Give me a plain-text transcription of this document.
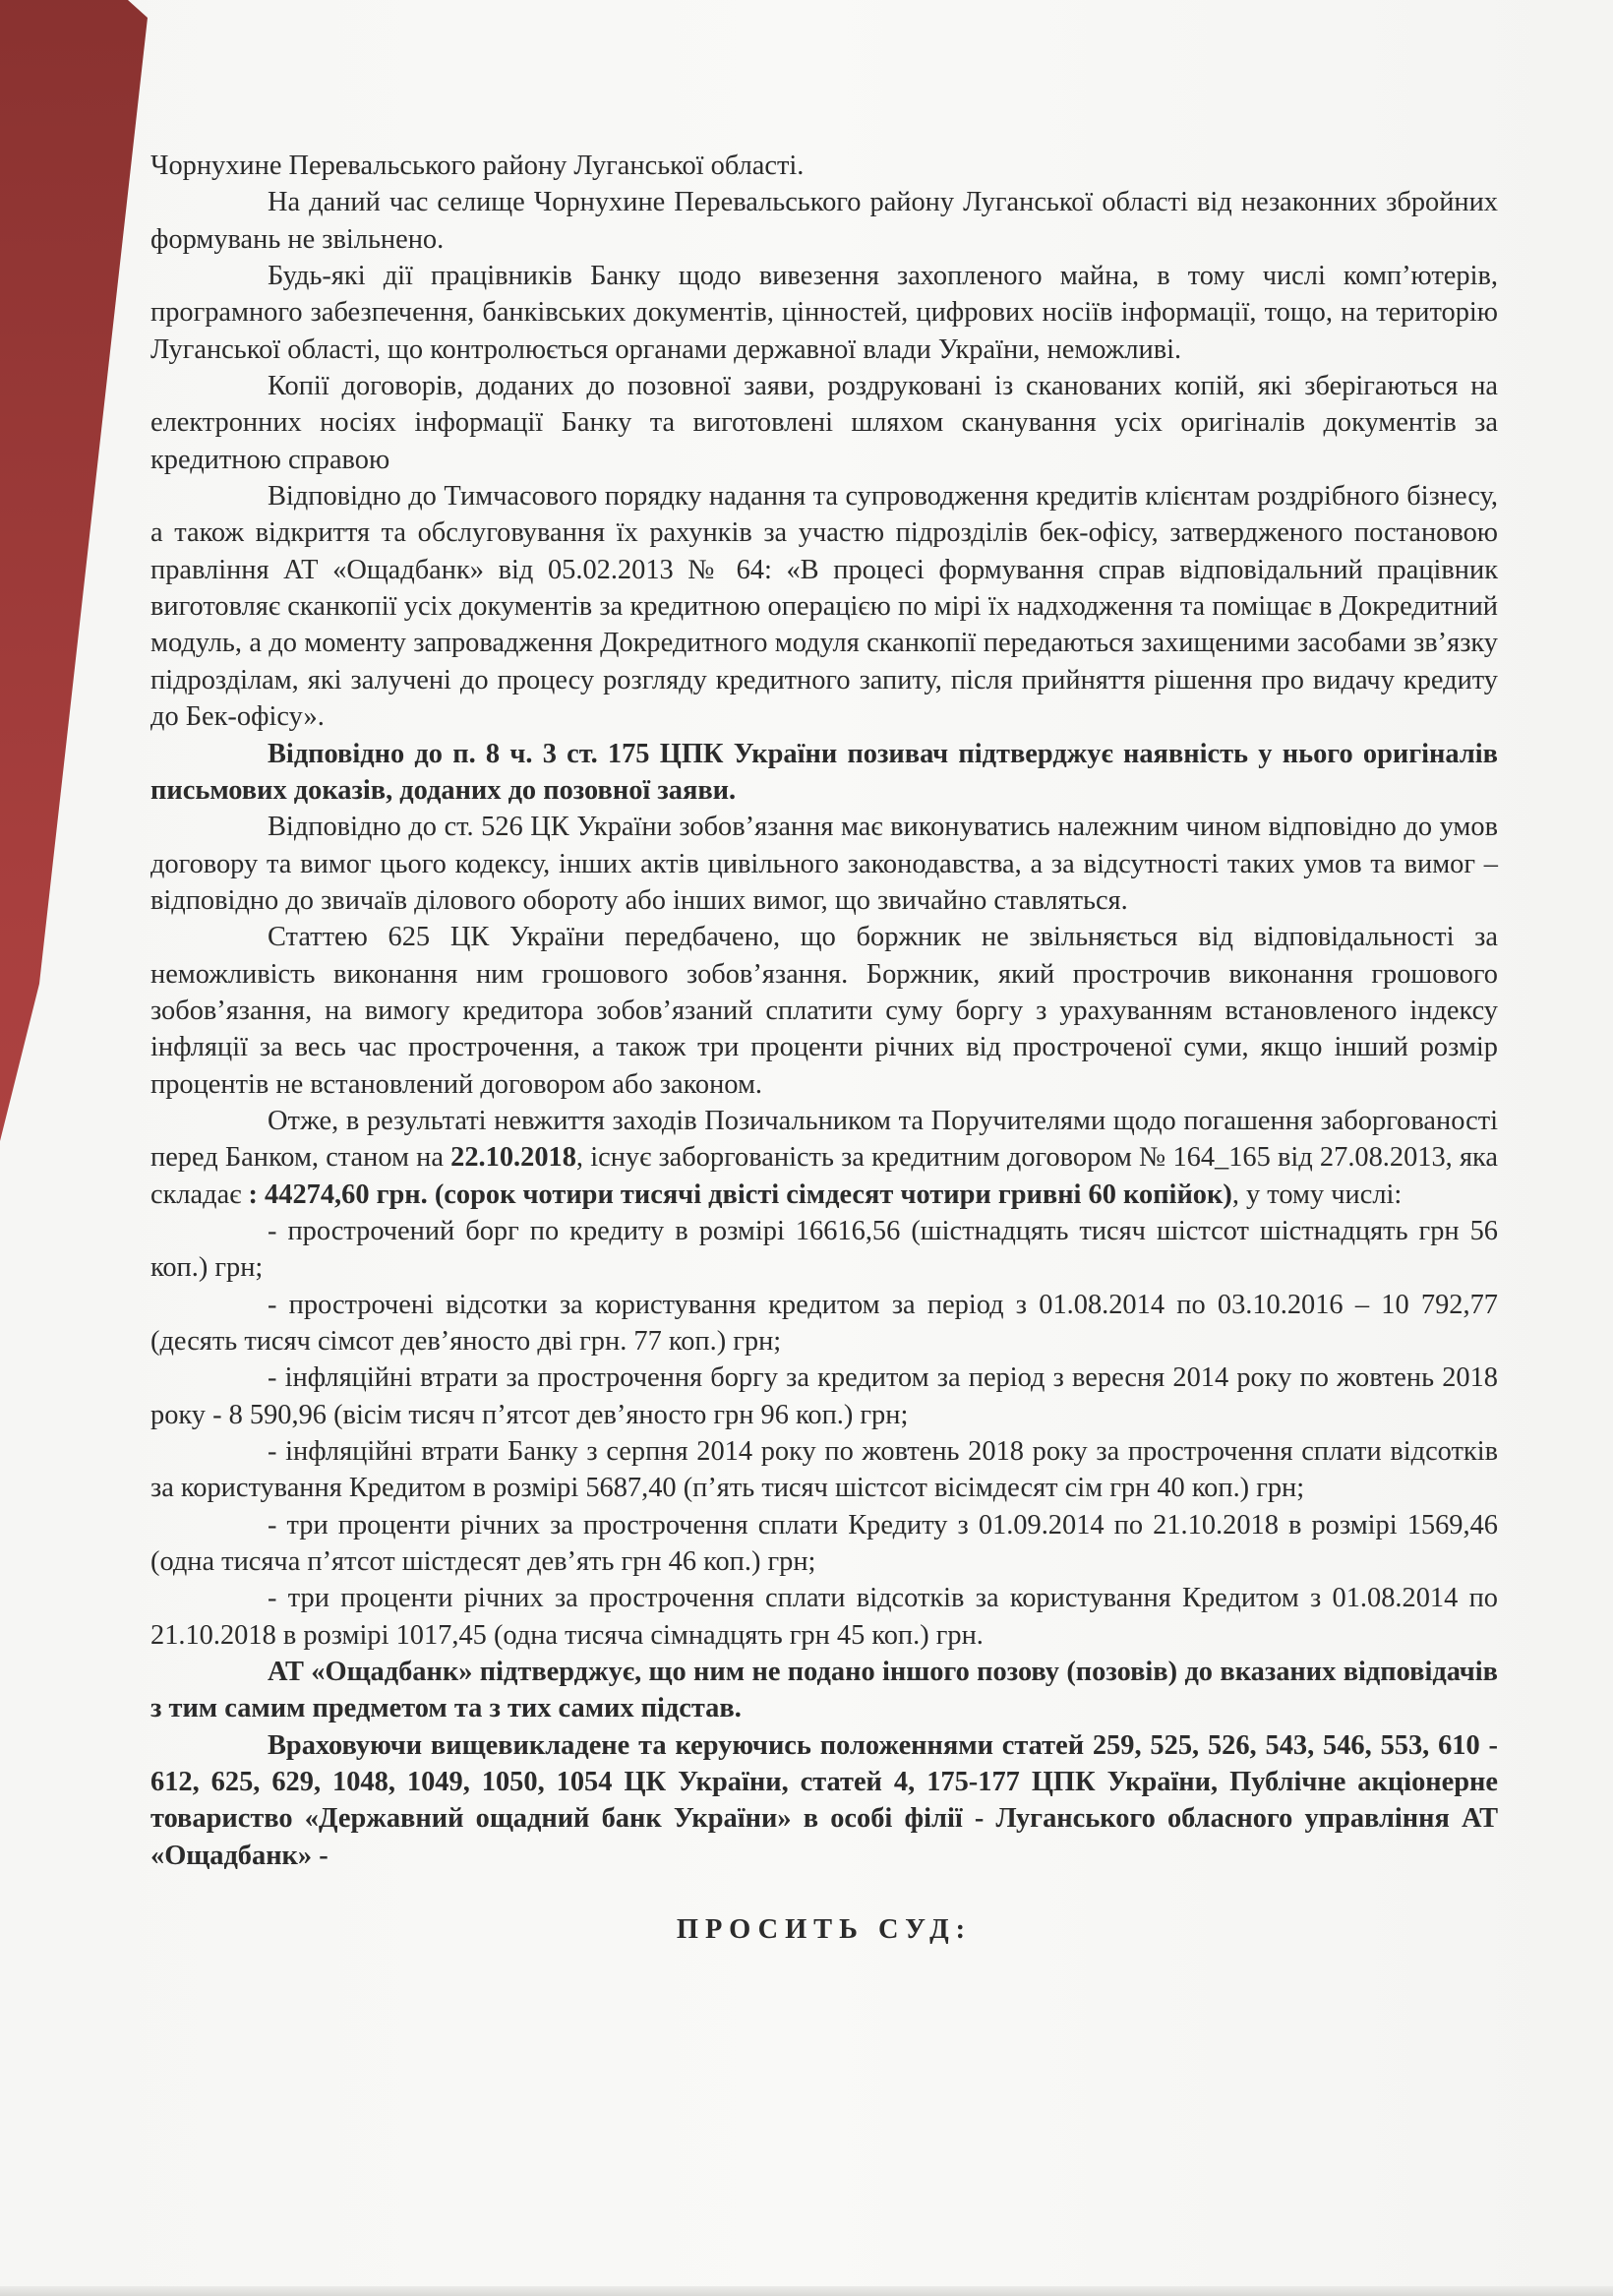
Чорнухине Перевальського району Луганської області.

На даний час селище Чорнухине Перевальського району Луганської області від незаконних збройних формувань не звільнено.

Будь-які дії працівників Банку щодо вивезення захопленого майна, в тому числі комп’ютерів, програмного забезпечення, банківських документів, цінностей, цифрових носіїв інформації, тощо, на територію Луганської області, що контролюється органами державної влади України, неможливі.

Копії договорів, доданих до позовної заяви, роздруковані із сканованих копій, які зберігаються на електронних носіях інформації Банку та виготовлені шляхом сканування усіх оригіналів документів за кредитною справою

Відповідно до Тимчасового порядку надання та супроводження кредитів клієнтам роздрібного бізнесу, а також відкриття та обслуговування їх рахунків за участю підрозділів бек-офісу, затвердженого постановою правління АТ «Ощадбанк» від 05.02.2013 № 64: «В процесі формування справ відповідальний працівник виготовляє сканкопії усіх документів за кредитною операцією по мірі їх надходження та поміщає в Докредитний модуль, а до моменту запровадження Докредитного модуля сканкопії передаються захищеними засобами зв’язку підрозділам, які залучені до процесу розгляду кредитного запиту, після прийняття рішення про видачу кредиту до Бек-офісу».

Відповідно до п. 8 ч. 3 ст. 175 ЦПК України позивач підтверджує наявність у нього оригіналів письмових доказів, доданих до позовної заяви.

Відповідно до ст. 526 ЦК України зобов’язання має виконуватись належним чином відповідно до умов договору та вимог цього кодексу, інших актів цивільного законодавства, а за відсутності таких умов та вимог – відповідно до звичаїв ділового обороту або інших вимог, що звичайно ставляться.

Статтею 625 ЦК України передбачено, що боржник не звільняється від відповідальності за неможливість виконання ним грошового зобов’язання. Боржник, який прострочив виконання грошового зобов’язання, на вимогу кредитора зобов’язаний сплатити суму боргу з урахуванням встановленого індексу інфляції за весь час прострочення, а також три проценти річних від простроченої суми, якщо інший розмір процентів не встановлений договором або законом.

Отже, в результаті невжиття заходів Позичальником та Поручителями щодо погашення заборгованості перед Банком, станом на 22.10.2018, існує заборгованість за кредитним договором № 164_165 від 27.08.2013, яка складає : 44274,60 грн. (сорок чотири тисячі двісті сімдесят чотири гривні 60 копійок), у тому числі:

- прострочений борг по кредиту в розмірі 16616,56 (шістнадцять тисяч шістсот шістнадцять грн 56 коп.) грн;

- прострочені відсотки за користування кредитом за період з 01.08.2014 по 03.10.2016 – 10 792,77 (десять тисяч сімсот дев’яносто дві грн. 77 коп.) грн;

- інфляційні втрати за прострочення боргу за кредитом за період з вересня 2014 року по жовтень 2018 року - 8 590,96 (вісім тисяч п’ятсот дев’яносто грн 96 коп.) грн;

- інфляційні втрати Банку з серпня 2014 року по жовтень 2018 року за прострочення сплати відсотків за користування Кредитом в розмірі 5687,40 (п’ять тисяч шістсот вісімдесят сім грн 40 коп.) грн;

- три проценти річних за прострочення сплати Кредиту з 01.09.2014 по 21.10.2018 в розмірі 1569,46 (одна тисяча п’ятсот шістдесят дев’ять грн 46 коп.) грн;

- три проценти річних за прострочення сплати відсотків за користування Кредитом з 01.08.2014 по 21.10.2018 в розмірі 1017,45 (одна тисяча сімнадцять грн 45 коп.) грн.

АТ «Ощадбанк» підтверджує, що ним не подано іншого позову (позовів) до вказаних відповідачів з тим самим предметом та з тих самих підстав.

Враховуючи вищевикладене та керуючись положеннями статей 259, 525, 526, 543, 546, 553, 610 - 612, 625, 629, 1048, 1049, 1050, 1054 ЦК України, статей 4, 175-177 ЦПК України, Публічне акціонерне товариство «Державний ощадний банк України» в особі філії - Луганського обласного управління АТ «Ощадбанк» -

ПРОСИТЬ СУД:
